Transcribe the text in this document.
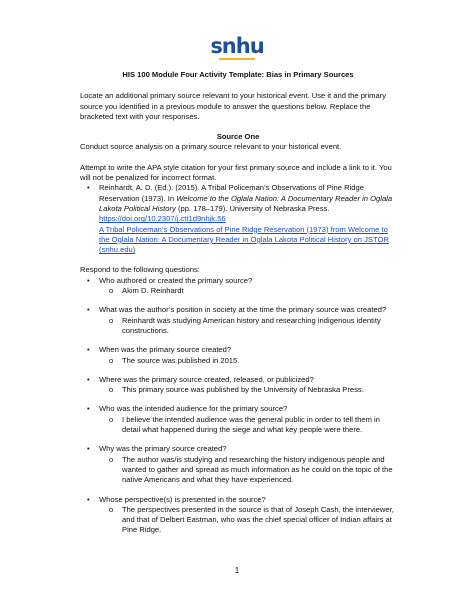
snhu

HIS 100 Module Four Activity Template: Bias in Primary Sources

Locate an additional primary source relevant to your historical event. Use it and the primary source you identified in a previous module to answer the questions below. Replace the bracketed text with your responses.

Source One

Conduct source analysis on a primary source relevant to your historical event.

Attempt to write the APA style citation for your first primary source and include a link to it. You will not be penalized for incorrect format.

• Reinhardt, A. D. (Ed.). (2015). A Tribal Policeman’s Observations of Pine Ridge Reservation (1973). In Welcome to the Oglala Nation: A Documentary Reader in Oglala Lakota Political History (pp. 178–179). University of Nebraska Press. https://doi.org/10.2307/j.ctt1d9nhjk.56
A Tribal Policeman’s Observations of Pine Ridge Reservation (1973) from Welcome to the Oglala Nation: A Documentary Reader in Oglala Lakota Political History on JSTOR (snhu.edu)

Respond to the following questions:

• Who authored or created the primary source?
o Akim D. Reinhardt
• What was the author’s position in society at the time the primary source was created?
o Reinhardt was studying American history and researching indigenous identity constructions.
• When was the primary source created?
o The source was published in 2015.
• Where was the primary source created, released, or publicized?
o This primary source was published by the University of Nebraska Press.
• Who was the intended audience for the primary source?
o I believe the intended audience was the general public in order to tell them in detail what happened during the siege and what key people were there.
• Why was the primary source created?
o The author was/is studying and researching the history indigenous people and wanted to gather and spread as much information as he could on the topic of the native Americans and what they have experienced.
• Whose perspective(s) is presented in the source?
o The perspectives presented in the source is that of Joseph Cash, the interviewer, and that of Delbert Eastman, who was the chief special officer of Indian affairs at Pine Ridge.
1
